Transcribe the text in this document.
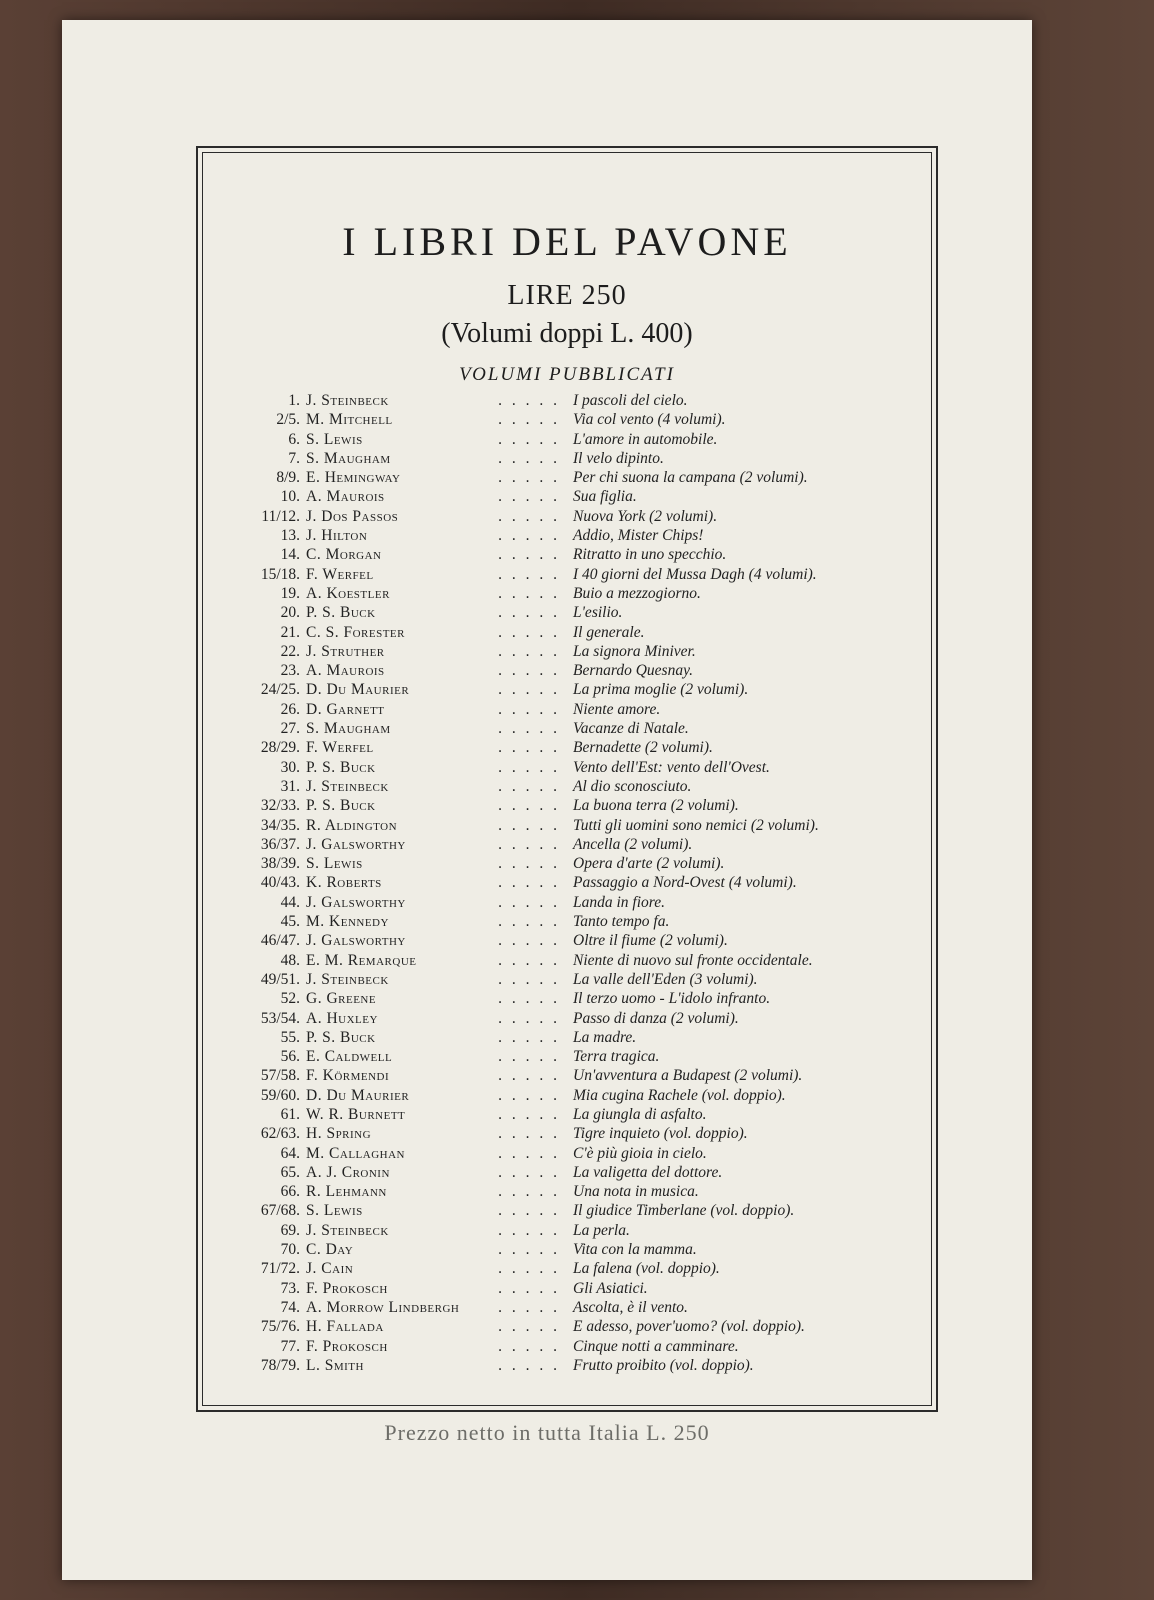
I LIBRI DEL PAVONE
LIRE 250
(Volumi doppi L. 400)
VOLUMI PUBBLICATI
1. J. Steinbeck	. . . . . I pascoli del cielo.
2/5. M. Mitchell	. . . . . Via col vento (4 volumi).
6. S. Lewis	. . . . . L'amore in automobile.
7. S. Maugham	. . . . . Il velo dipinto.
8/9. E. Hemingway	. . . . . Per chi suona la campana (2 volumi).
10. A. Maurois	. . . . . Sua figlia.
11/12. J. Dos Passos	. . . . . Nuova York (2 volumi).
13. J. Hilton	. . . . . Addio, Mister Chips!
14. C. Morgan	. . . . . Ritratto in uno specchio.
15/18. F. Werfel	. . . . . I 40 giorni del Mussa Dagh (4 volumi).
19. A. Koestler	. . . . . Buio a mezzogiorno.
20. P. S. Buck	. . . . . L'esilio.
21. C. S. Forester	. . . . . Il generale.
22. J. Struther	. . . . . La signora Miniver.
23. A. Maurois	. . . . . Bernardo Quesnay.
24/25. D. Du Maurier	. . . . . La prima moglie (2 volumi).
26. D. Garnett	. . . . . Niente amore.
27. S. Maugham	. . . . . Vacanze di Natale.
28/29. F. Werfel	. . . . . Bernadette (2 volumi).
30. P. S. Buck	. . . . . Vento dell'Est: vento dell'Ovest.
31. J. Steinbeck	. . . . . Al dio sconosciuto.
32/33. P. S. Buck	. . . . . La buona terra (2 volumi).
34/35. R. Aldington	. . . . . Tutti gli uomini sono nemici (2 volumi).
36/37. J. Galsworthy	. . . . . Ancella (2 volumi).
38/39. S. Lewis	. . . . . Opera d'arte (2 volumi).
40/43. K. Roberts	. . . . . Passaggio a Nord-Ovest (4 volumi).
44. J. Galsworthy	. . . . . Landa in fiore.
45. M. Kennedy	. . . . . Tanto tempo fa.
46/47. J. Galsworthy	. . . . . Oltre il fiume (2 volumi).
48. E. M. Remarque	. . . . . Niente di nuovo sul fronte occidentale.
49/51. J. Steinbeck	. . . . . La valle dell'Eden (3 volumi).
52. G. Greene	. . . . . Il terzo uomo - L'idolo infranto.
53/54. A. Huxley	. . . . . Passo di danza (2 volumi).
55. P. S. Buck	. . . . . La madre.
56. E. Caldwell	. . . . . Terra tragica.
57/58. F. Körmendi	. . . . . Un'avventura a Budapest (2 volumi).
59/60. D. Du Maurier	. . . . . Mia cugina Rachele (vol. doppio).
61. W. R. Burnett	. . . . . La giungla di asfalto.
62/63. H. Spring	. . . . . Tigre inquieto (vol. doppio).
64. M. Callaghan	. . . . . C'è più gioia in cielo.
65. A. J. Cronin	. . . . . La valigetta del dottore.
66. R. Lehmann	. . . . . Una nota in musica.
67/68. S. Lewis	. . . . . Il giudice Timberlane (vol. doppio).
69. J. Steinbeck	. . . . . La perla.
70. C. Day	. . . . . Vita con la mamma.
71/72. J. Cain	. . . . . La falena (vol. doppio).
73. F. Prokosch	. . . . . Gli Asiatici.
74. A. Morrow Lindbergh	. . . . . Ascolta, è il vento.
75/76. H. Fallada	. . . . . E adesso, pover'uomo? (vol. doppio).
77. F. Prokosch	. . . . . Cinque notti a camminare.
78/79. L. Smith	. . . . . Frutto proibito (vol. doppio).
Prezzo netto in tutta Italia L. 250
